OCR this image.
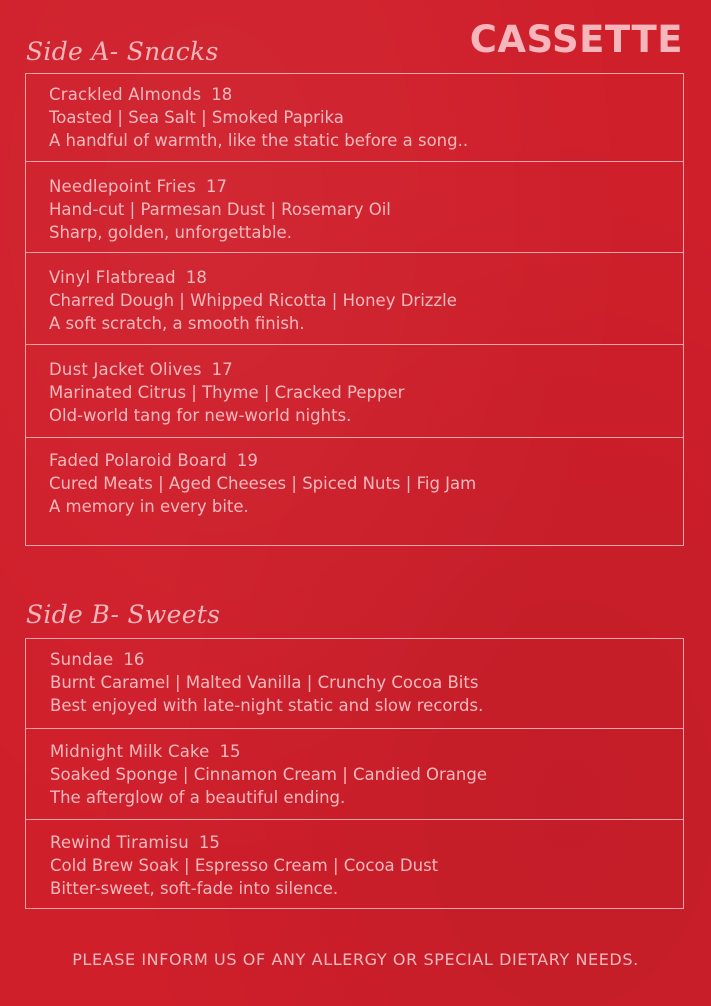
CASSETTE
Side A- Snacks
Crackled Almonds 18
Toasted | Sea Salt | Smoked Paprika
A handful of warmth, like the static before a song..
Needlepoint Fries 17
Hand-cut | Parmesan Dust | Rosemary Oil
Sharp, golden, unforgettable.
Vinyl Flatbread 18
Charred Dough | Whipped Ricotta | Honey Drizzle
A soft scratch, a smooth finish.
Dust Jacket Olives 17
Marinated Citrus | Thyme | Cracked Pepper
Old-world tang for new-world nights.
Faded Polaroid Board 19
Cured Meats | Aged Cheeses | Spiced Nuts | Fig Jam
A memory in every bite.
Side B- Sweets
Sundae 16
Burnt Caramel | Malted Vanilla | Crunchy Cocoa Bits
Best enjoyed with late-night static and slow records.
Midnight Milk Cake 15
Soaked Sponge | Cinnamon Cream | Candied Orange
The afterglow of a beautiful ending.
Rewind Tiramisu 15
Cold Brew Soak | Espresso Cream | Cocoa Dust
Bitter-sweet, soft-fade into silence.
PLEASE INFORM US OF ANY ALLERGY OR SPECIAL DIETARY NEEDS.
